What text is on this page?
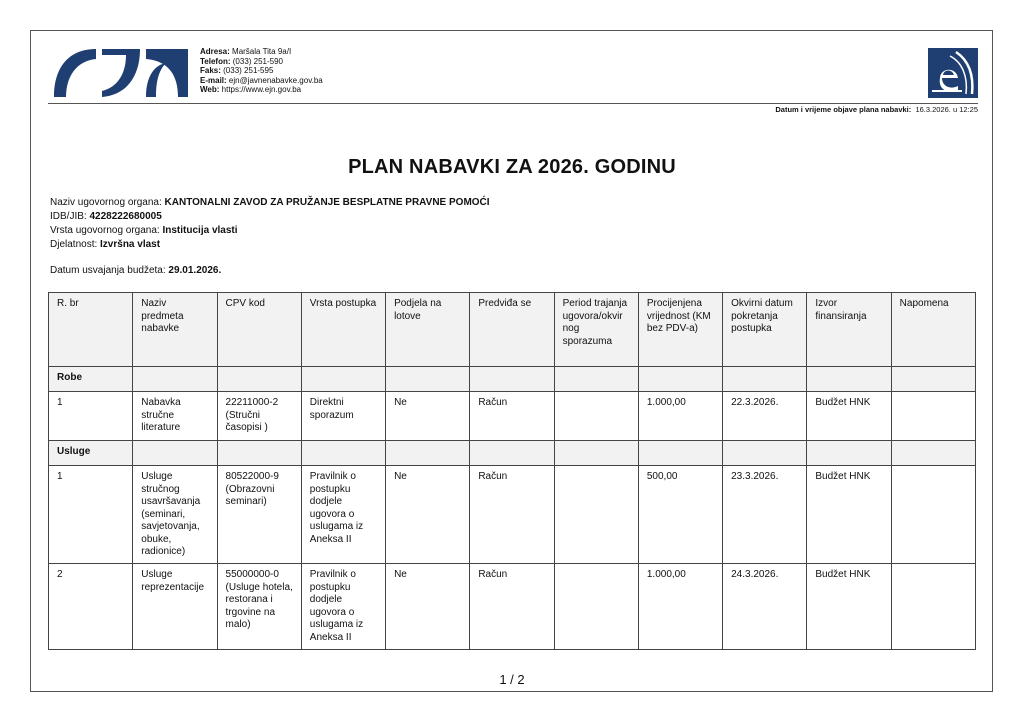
Adresa: Maršala Tita 9a/I
Telefon: (033) 251-590
Faks: (033) 251-595
E-mail: ejn@javnenabavke.gov.ba
Web: https://www.ejn.gov.ba
Datum i vrijeme objave plana nabavki: 16.3.2026. u 12:25
PLAN NABAVKI ZA 2026. GODINU
Naziv ugovornog organa: KANTONALNI ZAVOD ZA PRUŽANJE BESPLATNE PRAVNE POMOĆI
IDB/JIB: 4228222680005
Vrsta ugovornog organa: Institucija vlasti
Djelatnost: Izvršna vlast
Datum usvajanja budžeta: 29.01.2026.
R. br	Naziv predmeta nabavke	CPV kod	Vrsta postupka	Podjela na lotove	Predviđa se	Period trajanja ugovora/okvir nog sporazuma	Procijenjena vrijednost (KM bez PDV-a)	Okvirni datum pokretanja postupka	Izvor finansiranja	Napomena
Robe										
1	Nabavka stručne literature	22211000-2 (Stručni časopisi )	Direktni sporazum	Ne	Račun		1.000,00	22.3.2026.	Budžet HNK	
Usluge										
1	Usluge stručnog usavršavanja (seminari, savjetovanja, obuke, radionice)	80522000-9 (Obrazovni seminari)	Pravilnik o postupku dodjele ugovora o uslugama iz Aneksa II	Ne	Račun		500,00	23.3.2026.	Budžet HNK	
2	Usluge reprezentacije	55000000-0 (Usluge hotela, restorana i trgovine na malo)	Pravilnik o postupku dodjele ugovora o uslugama iz Aneksa II	Ne	Račun		1.000,00	24.3.2026.	Budžet HNK	
1 / 2
